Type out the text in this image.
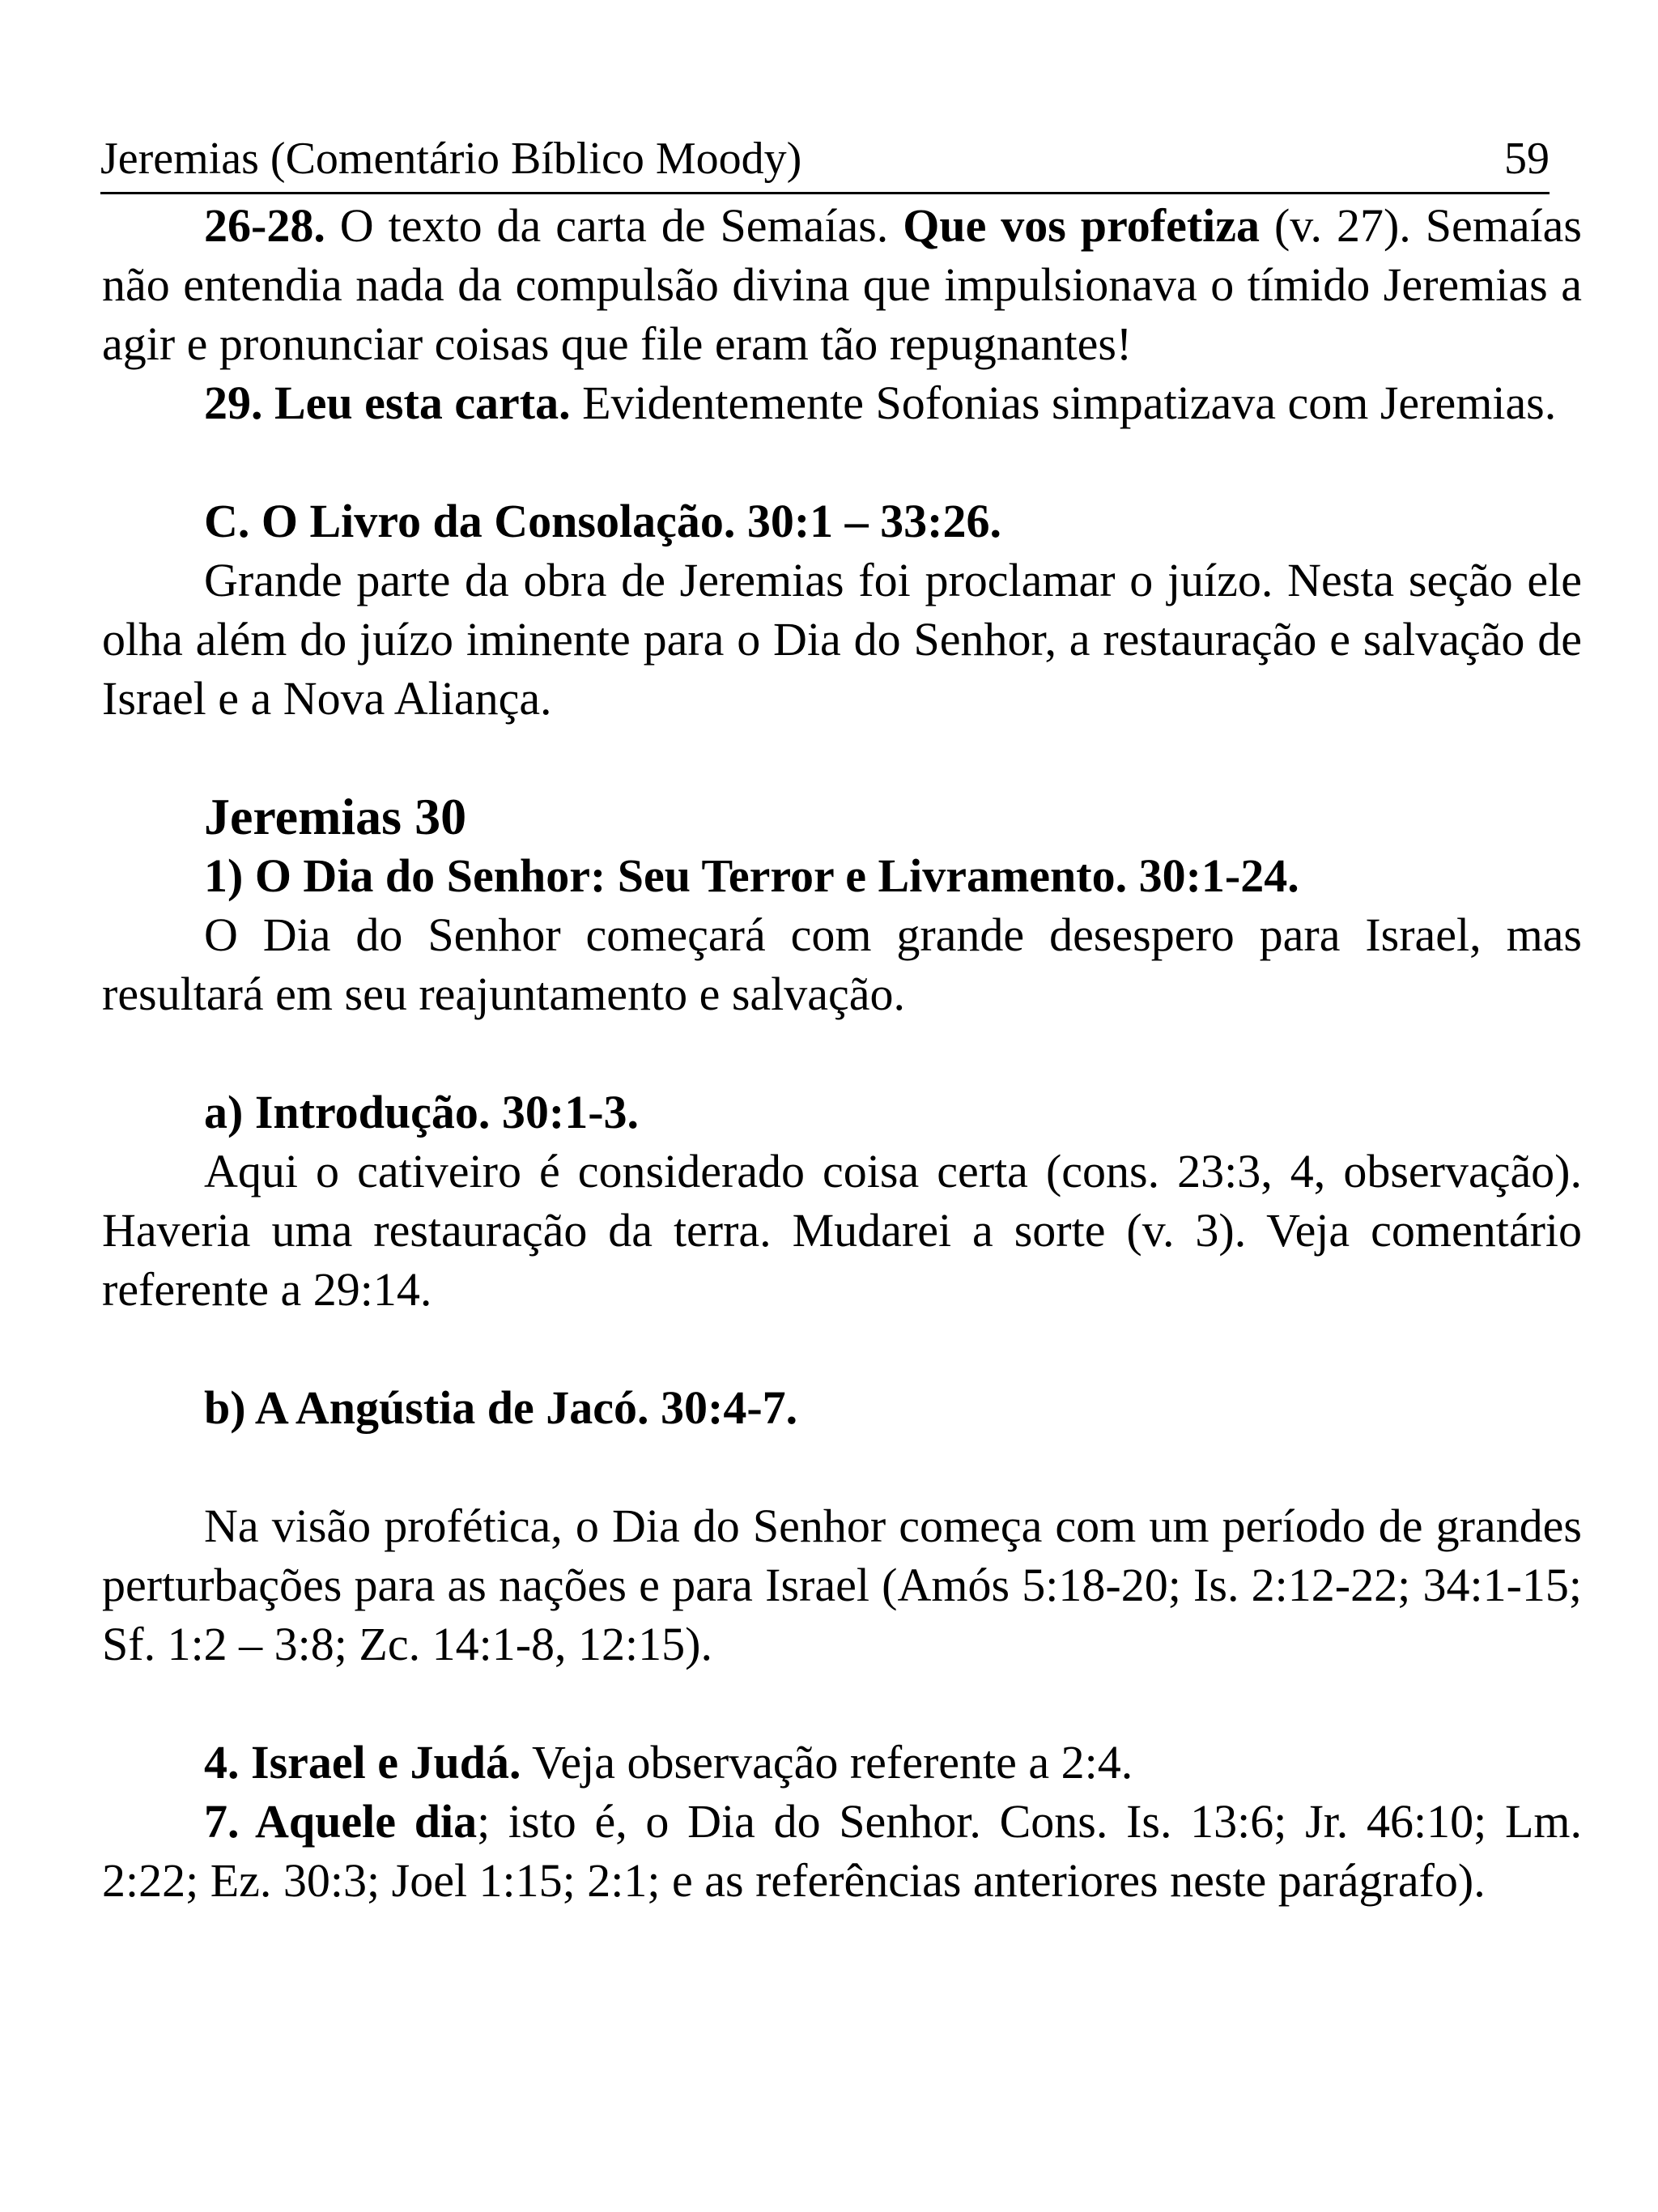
Jeremias (Comentário Bíblico Moody)	59

26-28. O texto da carta de Semaías. Que vos profetiza (v. 27). Semaías não entendia nada da compulsão divina que impulsionava o tímido Jeremias a agir e pronunciar coisas que file eram tão repugnantes!

29. Leu esta carta. Evidentemente Sofonias simpatizava com Jeremias.

C. O Livro da Consolação. 30:1 – 33:26.

Grande parte da obra de Jeremias foi proclamar o juízo. Nesta seção ele olha além do juízo iminente para o Dia do Senhor, a restauração e salvação de Israel e a Nova Aliança.

Jeremias 30

1) O Dia do Senhor: Seu Terror e Livramento. 30:1-24.

O Dia do Senhor começará com grande desespero para Israel, mas resultará em seu reajuntamento e salvação.

a) Introdução. 30:1-3.

Aqui o cativeiro é considerado coisa certa (cons. 23:3, 4, observação). Haveria uma restauração da terra. Mudarei a sorte (v. 3). Veja comentário referente a 29:14.

b) A Angústia de Jacó. 30:4-7.

Na visão profética, o Dia do Senhor começa com um período de grandes perturbações para as nações e para Israel (Amós 5:18-20; Is. 2:12-22; 34:1-15; Sf. 1:2 – 3:8; Zc. 14:1-8, 12:15).

4. Israel e Judá. Veja observação referente a 2:4.

7. Aquele dia; isto é, o Dia do Senhor. Cons. Is. 13:6; Jr. 46:10; Lm. 2:22; Ez. 30:3; Joel 1:15; 2:1; e as referências anteriores neste parágrafo).
